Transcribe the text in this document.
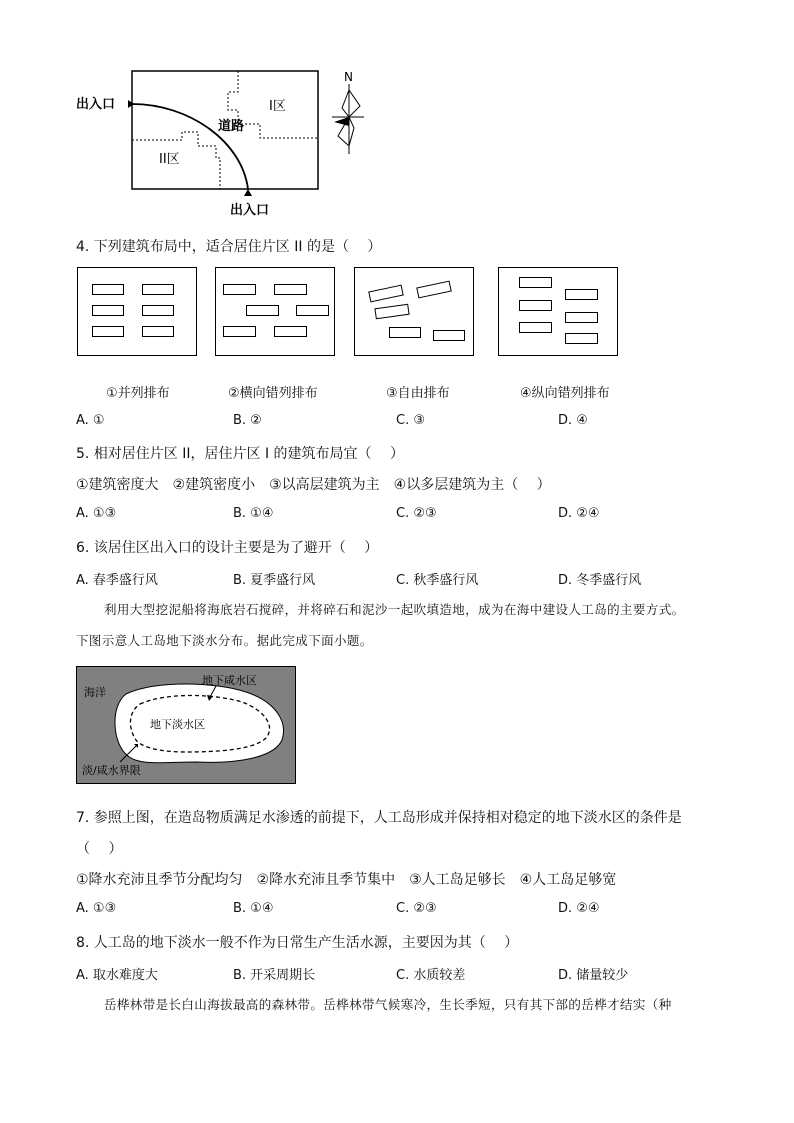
I区
II区
道路
出入口
出入口
N
4. 下列建筑布局中，适合居住片区 II 的是（　 ）
①并列排布	②横向错列排布	③自由排布	④纵向错列排布
A. ①	B. ②	C. ③	D. ④
5. 相对居住片区 II，居住片区 I 的建筑布局宜（　 ）
①建筑密度大　②建筑密度小　③以高层建筑为主　④以多层建筑为主（　 ）
A. ①③	B. ①④	C. ②③	D. ②④
6. 该居住区出入口的设计主要是为了避开（　 ）
A. 春季盛行风	B. 夏季盛行风	C. 秋季盛行风	D. 冬季盛行风
利用大型挖泥船将海底岩石搅碎，并将碎石和泥沙一起吹填造地，成为在海中建设人工岛的主要方式。
下图示意人工岛地下淡水分布。据此完成下面小题。
海洋
地下咸水区
地下淡水区
淡/咸水界限
7. 参照上图，在造岛物质满足水渗透的前提下，人工岛形成并保持相对稳定的地下淡水区的条件是
（　 ）
①降水充沛且季节分配均匀　②降水充沛且季节集中　③人工岛足够长　④人工岛足够宽
A. ①③	B. ①④	C. ②③	D. ②④
8. 人工岛的地下淡水一般不作为日常生产生活水源，主要因为其（　 ）
A. 取水难度大	B. 开采周期长	C. 水质较差	D. 储量较少
岳桦林带是长白山海拔最高的森林带。岳桦林带气候寒冷，生长季短，只有其下部的岳桦才结实（种
